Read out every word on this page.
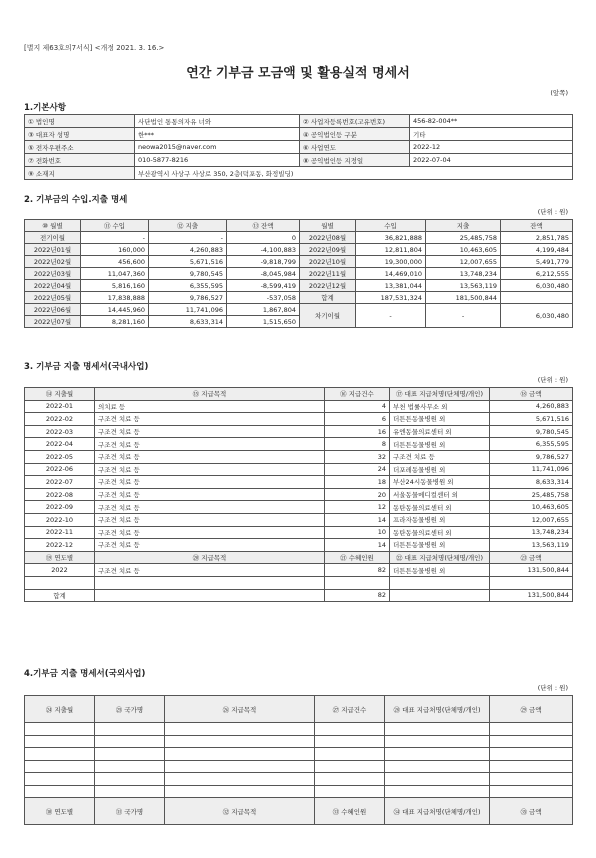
[별지 제63호의7서식] <개정 2021. 3. 16.>
연간 기부금 모금액 및 활용실적 명세서
(앞쪽)
1.기본사항
① 법인명	사단법인 통통의자유 너와	② 사업자등록번호(고유번호)	456-82-004**
③ 대표자 성명	한***	④ 공익법인등 구분	기타
⑤ 전자우편주소	neowa2015@naver.com	⑥ 사업연도	2022-12
⑦ 전화번호	010-5877-8216	⑧ 공익법인등 지정일	2022-07-04
⑨ 소재지	부산광역시 사상구 사상로 350, 2층(덕포동, 화정빌딩)		
2. 기부금의 수입.지출 명세
(단위 : 원)
⑩ 월별	⑪ 수입	⑫ 지출	⑬ 잔액	월별	수입	지출	잔액
전기이월	-	-	0	2022년08월	36,821,888	25,485,758	2,851,785
2022년01월	160,000	4,260,883	-4,100,883	2022년09월	12,811,804	10,463,605	4,199,484
2022년02월	456,600	5,671,516	-9,818,799	2022년10월	19,300,000	12,007,655	5,491,779
2022년03월	11,047,360	9,780,545	-8,045,984	2022년11월	14,469,010	13,748,234	6,212,555
2022년04월	5,816,160	6,355,595	-8,599,419	2022년12월	13,381,044	13,563,119	6,030,480
2022년05월	17,838,888	9,786,527	-537,058	합계	187,531,324	181,500,844	
2022년06월	14,445,960	11,741,096	1,867,804	차기이월	-	-	6,030,480
2022년07월	8,281,160	8,633,314	1,515,650				
3. 기부금 지출 명세서(국내사업)
(단위 : 원)
⑭ 지출월	⑮ 지급목적	⑯ 지급건수	⑰ 대표 지급처명(단체명/개인)	⑱ 금액
2022-01	의치료 등	4	부천 법률사무소 외	4,260,883
2022-02	구조견 치료 등	6	더튼튼동물병원 외	5,671,516
2022-03	구조견 치료 등	16	유엔동물의료센터 외	9,780,545
2022-04	구조견 치료 등	8	더튼튼동물병원 외	6,355,595
2022-05	구조견 치료 등	32	구조견 치료 등	9,786,527
2022-06	구조견 치료 등	24	더포레동물병원 외	11,741,096
2022-07	구조견 치료 등	18	부산24시동물병원 외	8,633,314
2022-08	구조견 치료 등	20	서울동물메디컬센터 외	25,485,758
2022-09	구조견 치료 등	12	동탄동물의료센터 외	10,463,605
2022-10	구조견 치료 등	14	프라자동물병원 외	12,007,655
2022-11	구조견 치료 등	10	동탄동물의료센터 외	13,748,234
2022-12	구조견 치료 등	14	더튼튼동물병원 외	13,563,119
⑲ 연도별	⑳ 지급목적	㉑ 수혜인원	㉒ 대표 지급처명(단체명/개인)	㉓ 금액
2022	구조견 치료 등	82	더튼튼동물병원 외	131,500,844

합계		82		131,500,844
4.기부금 지출 명세서(국외사업)
(단위 : 원)
㉔ 지출월	㉕ 국가명	㉖ 지급목적	㉗ 지급건수	㉘ 대표 지급처명(단체명/개인)	㉙ 금액

㉚ 연도별	㉛ 국가명	㉜ 지급목적	㉝ 수혜인원	㉞ 대표 지급처명(단체명/개인)	㉟ 금액
